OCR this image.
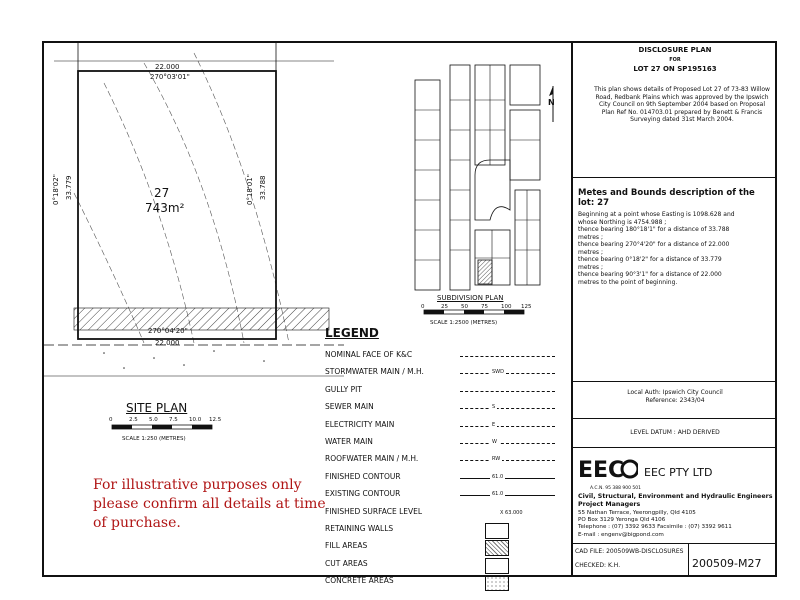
DISCLOSURE PLAN
FOR
LOT 27 ON SP195163
This plan shows details of Proposed Lot 27 of 73-83 Willow Road, Redbank Plains which was approved by the Ipswich City Council on 9th September 2004 based on Proposal Plan Ref No. 014703.01 prepared by Benett & Francis Surveying dated 31st March 2004.
Metes and Bounds description of the lot: 27
Beginning at a point whose Easting is 1098.628 and
whose Northing is 4754.988 ;
thence bearing 180°18'1" for a distance of 33.788
metres ;
thence bearing 270°4'20" for a distance of 22.000
metres ;
thence bearing 0°18'2" for a distance of 33.779
metres ;
thence bearing 90°3'1" for a distance of 22.000
metres to the point of beginning.
Local Auth: Ipswich City Council
Reference: 2343/04
LEVEL DATUM : AHD DERIVED
EEC EEC PTY LTD
A.C.N. 95 388 900 501
Civil, Structural, Environment and Hydraulic Engineers
Project Managers
55 Nathan Terrace, Yeerongpilly, Qld 4105
PO Box 3129 Yeronga Qld 4106
Telephone : (07) 3392 9633 Facsimile : (07) 3392 9611
E-mail : engenv@bigpond.com
CAD FILE: 200509WB-DISCLOSURES
CHECKED: K.H.	200509-M27
22.000
270°03'01"
270°04'20"
22.000
0°18'02" 33.779	0°18'01" 33.788
27
743m²
SITE PLAN
0	2.5 5.0 7.5 10.0 12.5
SCALE 1:250 (METRES)
N
SUBDIVISION PLAN
0	25 50 75 100 125
SCALE 1:2500 (METRES)
LEGEND
NOMINAL FACE OF K&C
STORMWATER MAIN / M.H.	SWD
GULLY PIT
SEWER MAIN	S
ELECTRICITY MAIN	E
WATER MAIN	W
ROOFWATER MAIN / M.H.	RW
FINISHED CONTOUR	61.0
EXISTING CONTOUR	61.0
FINISHED SURFACE LEVEL	X 63.000
RETAINING WALLS
FILL AREAS
CUT AREAS
CONCRETE AREAS
For illustrative purposes only
please confirm all details at time
of purchase.
